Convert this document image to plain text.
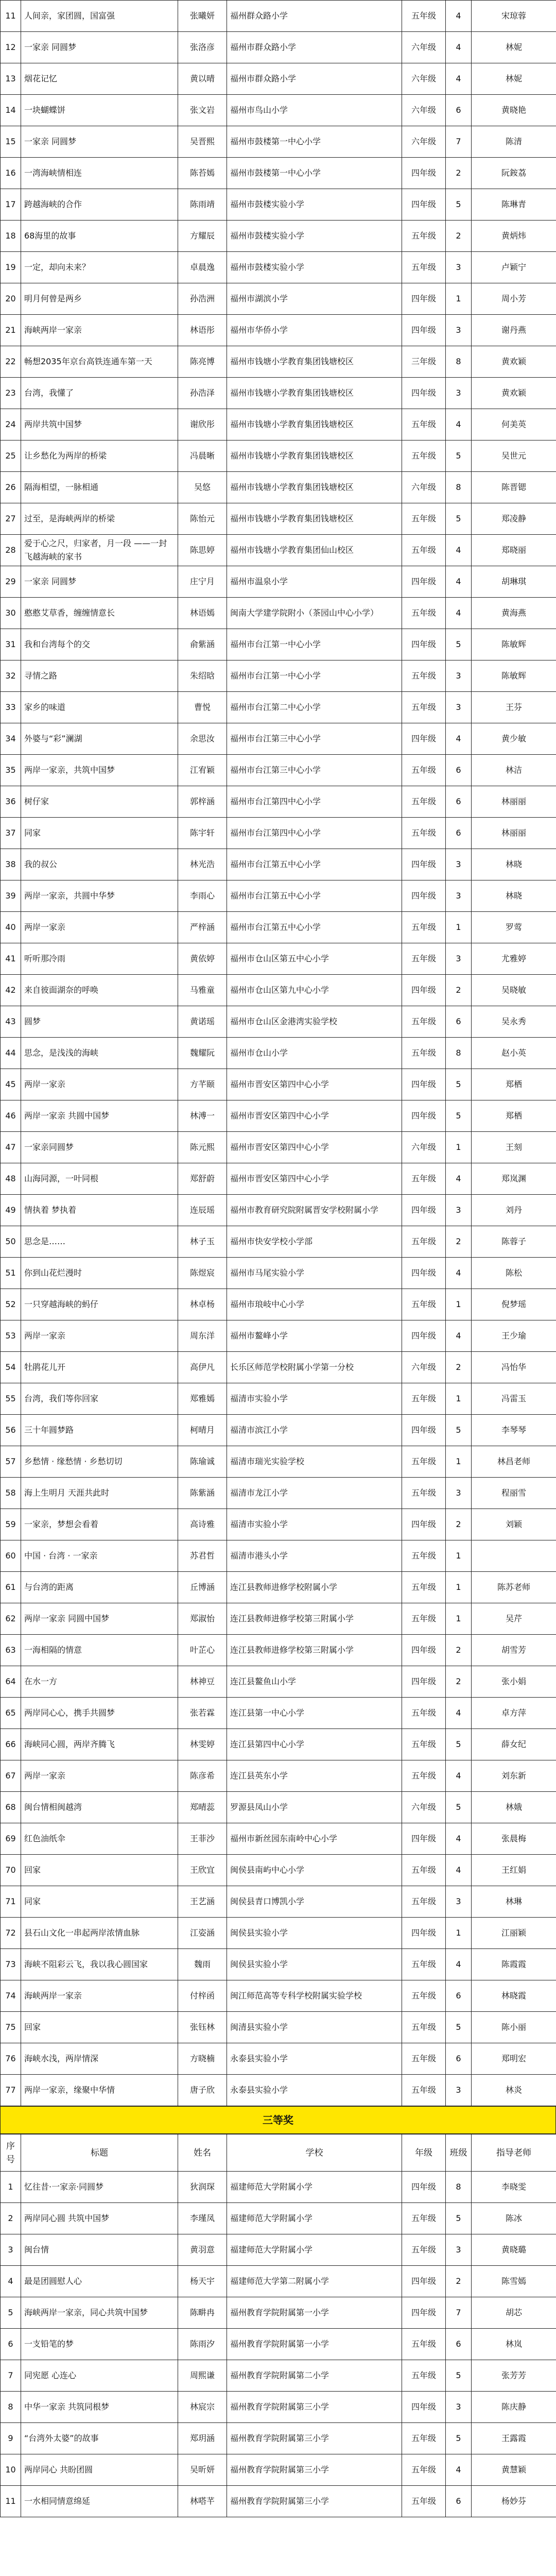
11	人间亲，家团圆，国富强	张曦妍	福州群众路小学	五年级	4	宋琼蓉
12	一家亲 同圆梦	张洛彦	福州市群众路小学	六年级	4	林妮
13	烟花记忆	黄以晴	福州市群众路小学	六年级	4	林妮
14	一块蝴蝶饼	张文岩	福州市鸟山小学	六年级	6	黄晓艳
15	一家亲 同圆梦	吴晋熙	福州市鼓楼第一中心小学	六年级	7	陈清
16	一湾海峡情相连	陈苔嫣	福州市鼓楼第一中心小学	四年级	2	阮銨荔
17	跨越海峡的合作	陈雨靖	福州市鼓楼实验小学	四年级	5	陈琳青
18	68海里的故事	方耀辰	福州市鼓楼实验小学	五年级	2	黄炳炜
19	一定，却向未来？	卓晨逸	福州市鼓楼实验小学	五年级	3	卢颖宁
20	明月何曾是两乡	孙浩洲	福州市湖滨小学	四年级	1	周小芳
21	海峡两岸一家亲	林语彤	福州市华侨小学	四年级	3	谢丹燕
22	畅想2035年京台高铁连通车第一天	陈亮博	福州市钱塘小学教育集团钱塘校区	三年级	8	黄欢颖
23	台湾，我懂了	孙浩泽	福州市钱塘小学教育集团钱塘校区	四年级	3	黄欢颖
24	两岸共筑中国梦	谢欣彤	福州市钱塘小学教育集团钱塘校区	五年级	4	何美英
25	让乡愁化为两岸的桥梁	冯晨晰	福州市钱塘小学教育集团钱塘校区	五年级	5	吴世元
26	隔海相望，一脉相通	吴悠	福州市钱塘小学教育集团钱塘校区	六年级	8	陈晋锶
27	过至，是海峡两岸的桥梁	陈怡元	福州市钱塘小学教育集团钱塘校区	五年级	5	郑凌静
28	爱于心之尺，归家者，月一段 ——一封飞越海峡的家书	陈思婷	福州市钱塘小学教育集团仙山校区	五年级	4	郑晓丽
29	一家亲 同圆梦	庄宁月	福州市温泉小学	四年级	4	胡琳琪
30	憨憨艾草香，缠缠情意长	林语嫣	闽南大学建学院附小（茶园山中心小学）	五年级	4	黄海燕
31	我和台湾每个的交	俞紫涵	福州市台江第一中心小学	四年级	5	陈敏辉
32	寻情之路	朱绍晗	福州市台江第一中心小学	五年级	3	陈敏辉
33	家乡的味道	曹悦	福州市台江第二中心小学	五年级	3	王芬
34	外婆与“彩”澜湖	余思汝	福州市台江第三中心小学	四年级	4	黄少敏
35	两岸一家亲，共筑中国梦	江宥颖	福州市台江第三中心小学	五年级	6	林洁
36	树仔家	郭梓涵	福州市台江第四中心小学	五年级	6	林丽丽
37	同家	陈宇轩	福州市台江第四中心小学	五年级	6	林丽丽
38	我的叔公	林光浩	福州市台江第五中心小学	四年级	3	林晓
39	两岸一家亲，共圆中华梦	李雨心	福州市台江第五中心小学	四年级	3	林晓
40	两岸一家亲	严梓涵	福州市台江第五中心小学	五年级	1	罗莺
41	听听那冷雨	黄依婷	福州市仓山区第五中心小学	五年级	3	尤雅婷
42	来自彼面湖奈的呼唤	马雅童	福州市仓山区第九中心小学	四年级	2	吴晓敏
43	圆梦	黄诺瑶	福州市仓山区金港湾实验学校	五年级	6	吴永秀
44	思念，是浅浅的海峡	魏耀阮	福州市仓山小学	五年级	8	赵小英
45	两岸一家亲	方芊颐	福州市晋安区第四中心小学	四年级	5	郑栖
46	两岸一家亲 共圆中国梦	林溥一	福州市晋安区第四中心小学	四年级	5	郑栖
47	一家亲同圆梦	陈元熙	福州市晋安区第四中心小学	六年级	1	王刻
48	山海同源，一叶同根	郑舒蔚	福州市晋安区第四中心小学	五年级	4	郑岚渊
49	情执着 梦执着	连辰瑶	福州市教育研究院附属晋安学校附属小学	四年级	3	刘丹
50	思念是……	林子玉	福州市快安学校小学部	五年级	2	陈蓉子
51	你到山花烂漫时	陈煜宸	福州市马尾实验小学	四年级	4	陈松
52	一只穿越海峡的蚂仔	林卓杨	福州市琅岐中心小学	五年级	1	倪梦瑶
53	两岸一家亲	周东洋	福州市鳌峰小学	四年级	4	王少瑜
54	牡鹃花儿开	高伊凡	长乐区师范学校附属小学第一分校	六年级	2	冯怡华
55	台湾，我们等你回家	郑雅嫣	福清市实验小学	五年级	1	冯雷玉
56	三十年圆梦路	柯晴月	福清市滨江小学	四年级	5	李琴琴
57	乡愁情 · 缘愁情 · 乡愁切切	陈瑜诚	福清市瑞光实验学校	五年级	1	林昌老师
58	海上生明月 天涯共此时	陈紫涵	福清市龙江小学	五年级	3	程丽雪
59	一家亲，梦想会看着	高诗雅	福清市实验小学	四年级	2	刘颖
60	中国 · 台湾 · 一家亲	苏君哲	福清市港头小学	五年级	1	
61	与台湾的距离	丘博涵	连江县教师进修学校附属小学	五年级	1	陈苏老师
62	两岸一家亲 同圆中国梦	郑淑怡	连江县教师进修学校第三附属小学	五年级	1	吴芹
63	一海相隔的情意	叶芷心	连江县教师进修学校第三附属小学	四年级	2	胡雪芳
64	在水一方	林神豆	连江县鳌鱼山小学	四年级	2	张小娟
65	两岸同心心，携手共圆梦	张若霖	连江县第一中心小学	五年级	4	卓方萍
66	海峡同心圆，两岸齐腾飞	林雯婷	连江县第四中心小学	五年级	5	薛女纪
67	两岸一家亲	陈彦希	连江县英东小学	五年级	4	刘东新
68	闽台情相闽越湾	郑晴蕊	罗源县凤山小学	六年级	5	林娥
69	红色油纸伞	王菲沙	福州市新丝园东南岭中心小学	四年级	4	张晨梅
70	回家	王欣宜	闽侯县南屿中心小学	五年级	4	王红娟
71	同家	王艺涵	闽侯县青口博凯小学	五年级	3	林琳
72	县石山文化一串起两岸浓情血脉	江姿涵	闽侯县实验小学	四年级	1	江丽颖
73	海峡不阻彩云飞，我以我心圆国家	魏雨	闽侯县实验小学	五年级	4	陈霞霞
74	海峡两岸一家亲	付梓函	闽江师范高等专科学校附属实验学校	五年级	6	林晓霞
75	回家	张钰林	闽清县实验小学	五年级	5	陈小丽
76	海峡水浅，两岸情深	方晓楠	永泰县实验小学	五年级	6	郑明宏
77	两岸一家亲，缘聚中华情	唐子欣	永泰县实验小学	五年级	3	林炎
三等奖
序号	标题	姓名	学校	年级	班级	指导老师
1	忆往昔·一家亲·同圆梦	狄润琛	福建师范大学附属小学	四年级	8	李晓雯
2	两岸同心圆 共筑中国梦	李瑾凤	福建师范大学附属小学	五年级	5	陈冰
3	闽台情	黄羽意	福建师范大学附属小学	五年级	3	黄晓璐
4	最是团圆慰人心	杨天宇	福建师范大学第二附属小学	四年级	2	陈雪嫣
5	海峡两岸一家亲，同心共筑中国梦	陈畊冉	福州教育学院附属第一小学	四年级	7	胡芯
6	一支铅笔的梦	陈雨汐	福州教育学院附属第一小学	五年级	6	林岚
7	同宪愿 心连心	周熙谦	福州教育学院附属第二小学	五年级	5	张芳芳
8	中华一家亲 共筑同根梦	林宸宗	福州教育学院附属第三小学	四年级	3	陈庆静
9	“台湾外太婆”的故事	郑玥涵	福州教育学院附属第三小学	五年级	5	王露霞
10	两岸同心 共盼团圆	吴昕妍	福州教育学院附属第三小学	五年级	4	黄慧颖
11	一水相同情意绵延	林嗒芊	福州教育学院附属第三小学	五年级	6	杨妙芬
